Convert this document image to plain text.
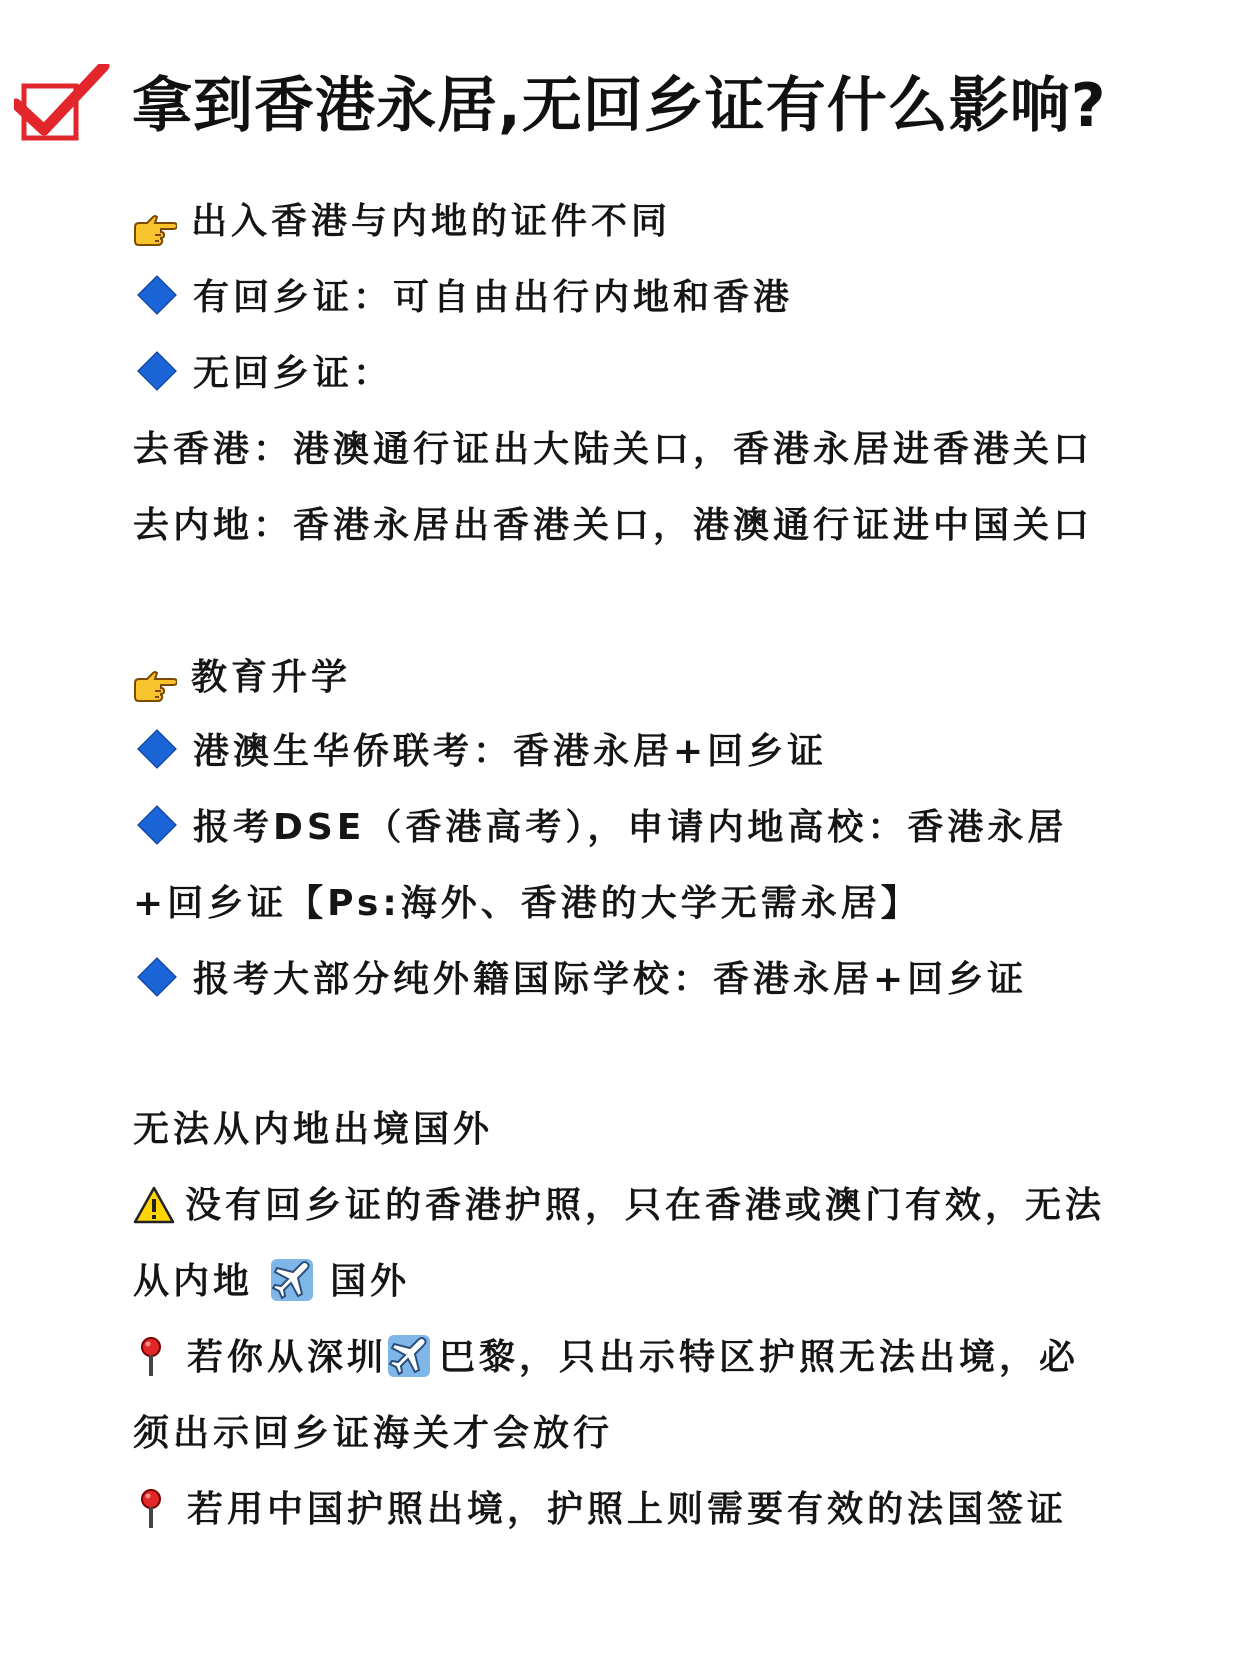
拿到香港永居,无回乡证有什么影响?
出入香港与内地的证件不同
有回乡证：可自由出行内地和香港
无回乡证：
去香港：港澳通行证出大陆关口，香港永居进香港关口
去内地：香港永居出香港关口，港澳通行证进中国关口
教育升学
港澳生华侨联考：香港永居+回乡证
报考DSE（香港高考），申请内地高校：香港永居
+回乡证【Ps:海外、香港的大学无需永居】
报考大部分纯外籍国际学校：香港永居+回乡证
无法从内地出境国外
没有回乡证的香港护照，只在香港或澳门有效，无法
从内地 国外
若你从深圳 巴黎，只出示特区护照无法出境，必
须出示回乡证海关才会放行
若用中国护照出境，护照上则需要有效的法国签证
